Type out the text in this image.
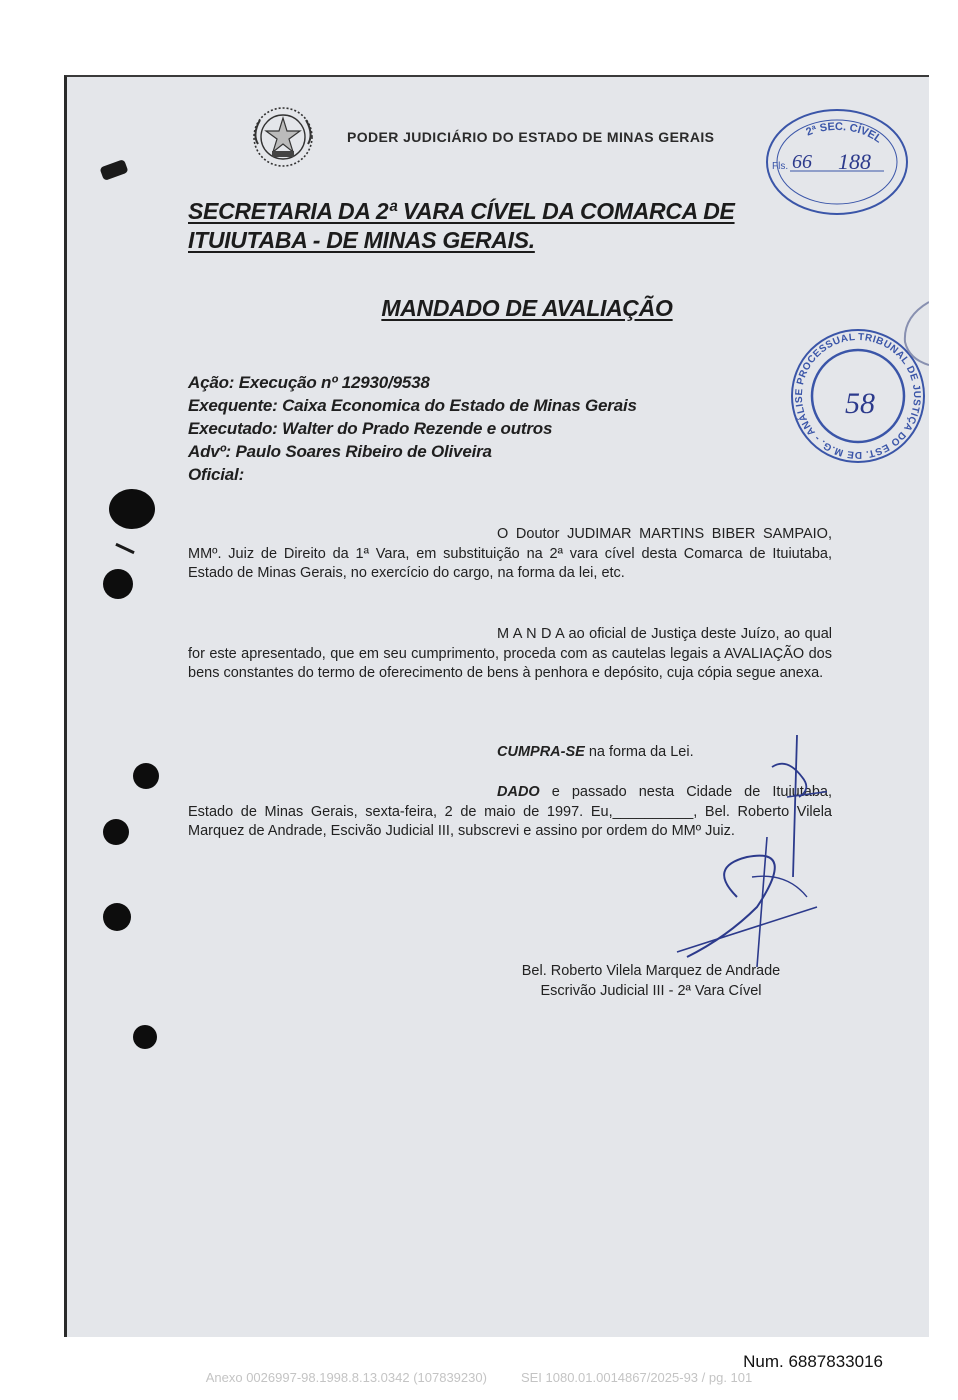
PODER JUDICIÁRIO DO ESTADO DE MINAS GERAIS
SECRETARIA DA 2ª VARA CÍVEL DA COMARCA DE
ITUIUTABA - DE MINAS GERAIS.
MANDADO DE AVALIAÇÃO
Ação: Execução nº 12930/9538
Exequente: Caixa Economica do Estado de Minas Gerais
Executado: Walter do Prado Rezende e outros
Advº: Paulo Soares Ribeiro de Oliveira
Oficial:
O Doutor JUDIMAR MARTINS BIBER SAMPAIO, MMº. Juiz de Direito da 1ª Vara, em substituição na 2ª vara cível desta Comarca de Ituiutaba, Estado de Minas Gerais, no exercício do cargo, na forma da lei, etc.
M A N D A ao oficial de Justiça deste Juízo, ao qual for este apresentado, que em seu cumprimento, proceda com as cautelas legais a AVALIAÇÃO dos bens constantes do termo de oferecimento de bens à penhora e depósito, cuja cópia segue anexa.
CUMPRA-SE na forma da Lei.
DADO e passado nesta Cidade de Ituiutaba, Estado de Minas Gerais, sexta-feira, 2 de maio de 1997. Eu,__________, Bel. Roberto Vilela Marquez de Andrade, Escivão Judicial III, subscrevi e assino por ordem do MMº Juiz.
Bel. Roberto Vilela Marquez de Andrade
Escrivão Judicial III - 2ª Vara Cível
2ª SEC. CÍVEL
Fls. 66 188
TRIBUNAL DE JUSTIÇA DO EST. DE M.G. - ANÁLISE PROCESSUAL
58
Num. 6887833016
Anexo 0026997-98.1998.8.13.0342 (107839230)	SEI 1080.01.0014867/2025-93 / pg. 101
